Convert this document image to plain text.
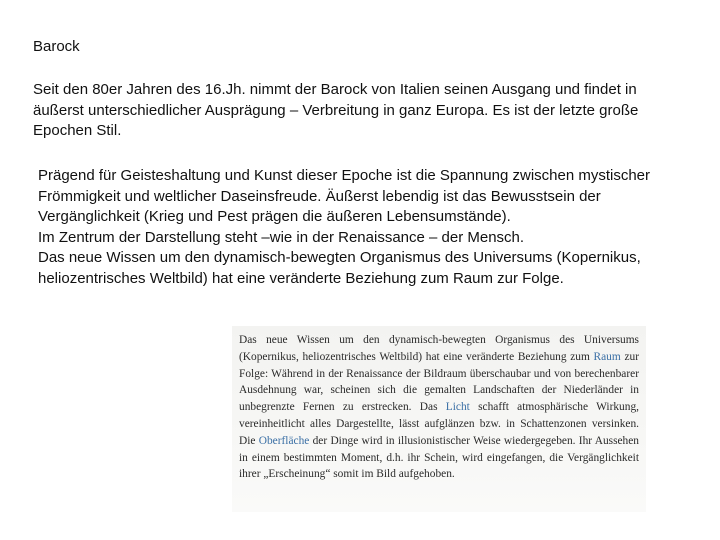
Barock
Seit den 80er Jahren des 16.Jh. nimmt der Barock von Italien seinen Ausgang und findet in äußerst unterschiedlicher Ausprägung – Verbreitung in ganz Europa. Es ist der letzte große Epochen Stil.
Prägend für Geisteshaltung und Kunst dieser Epoche ist die Spannung zwischen mystischer Frömmigkeit und weltlicher Daseinsfreude. Äußerst lebendig ist das Bewusstsein der Vergänglichkeit (Krieg und Pest prägen die äußeren Lebensumstände).
Im Zentrum der Darstellung steht –wie in der Renaissance – der Mensch.
Das neue Wissen um den dynamisch-bewegten Organismus des Universums (Kopernikus, heliozentrisches Weltbild) hat eine veränderte Beziehung zum Raum zur Folge.
Das neue Wissen um den dynamisch-bewegten Organismus des Universums (Kopernikus, heliozentrisches Weltbild) hat eine veränderte Beziehung zum Raum zur Folge: Während in der Renaissance der Bildraum überschaubar und von berechenbarer Ausdehnung war, scheinen sich die gemalten Landschaften der Niederländer in unbegrenzte Fernen zu erstrecken. Das Licht schafft atmosphärische Wirkung, vereinheitlicht alles Dargestellte, lässt aufglänzen bzw. in Schattenzonen versinken. Die Oberfläche der Dinge wird in illusionistischer Weise wiedergegeben. Ihr Aussehen in einem bestimmten Moment, d.h. ihr Schein, wird eingefangen, die Vergänglichkeit ihrer „Erscheinung“ somit im Bild aufgehoben.
